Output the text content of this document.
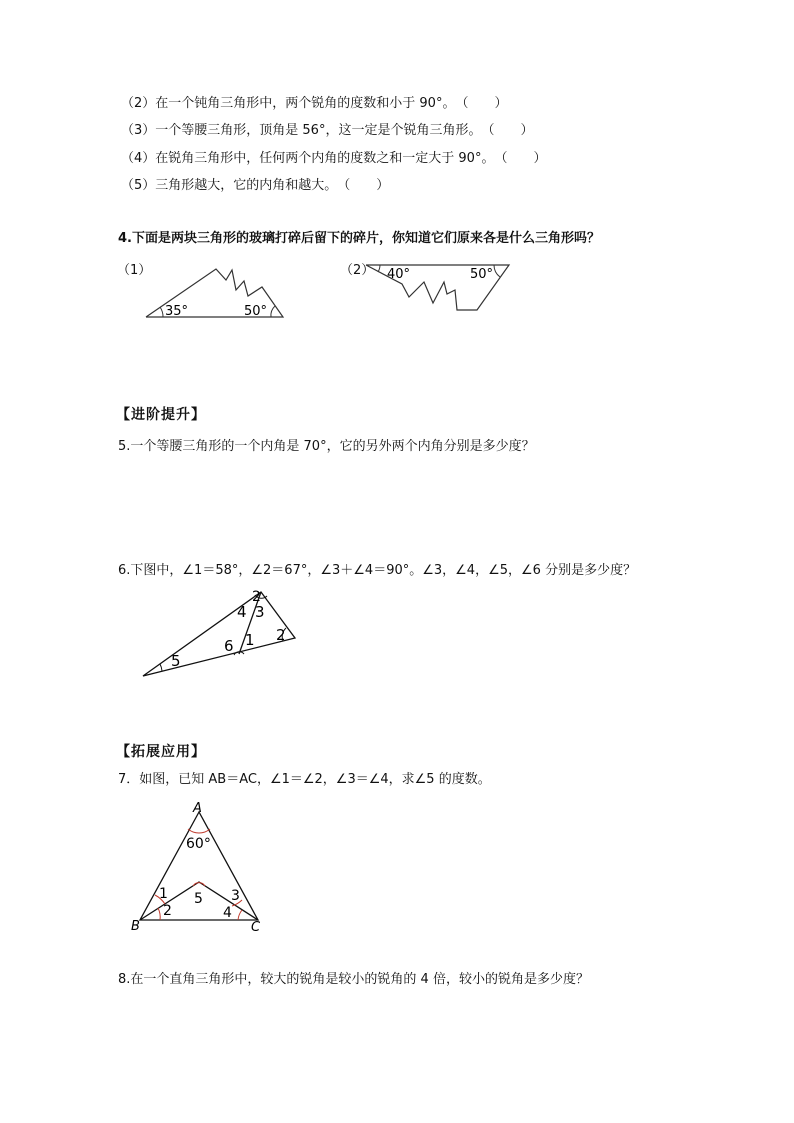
（2）在一个钝角三角形中，两个锐角的度数和小于 90°。　（　　）
（3）一个等腰三角形，顶角是 56°，这一定是个锐角三角形。　（　　）
（4）在锐角三角形中，任何两个内角的度数之和一定大于 90°。　（　　）
（5）三角形越大，它的内角和越大。　（　　）
4.下面是两块三角形的玻璃打碎后留下的碎片，你知道它们原来各是什么三角形吗？
（1）
35°	50°
（2） 40°	50°
【进阶提升】
5.一个等腰三角形的一个内角是 70°，它的另外两个内角分别是多少度？
6.下图中，∠1＝58°，∠2＝67°，∠3＋∠4＝90°。∠3，∠4，∠5，∠6 分别是多少度？
2
4 3
6 1 2
5
【拓展应用】
7．如图，已知 AB＝AC，∠1＝∠2，∠3＝∠4，求∠5 的度数。
A
60°
1
2
5 3
4
B	C
8.在一个直角三角形中，较大的锐角是较小的锐角的 4 倍，较小的锐角是多少度？
